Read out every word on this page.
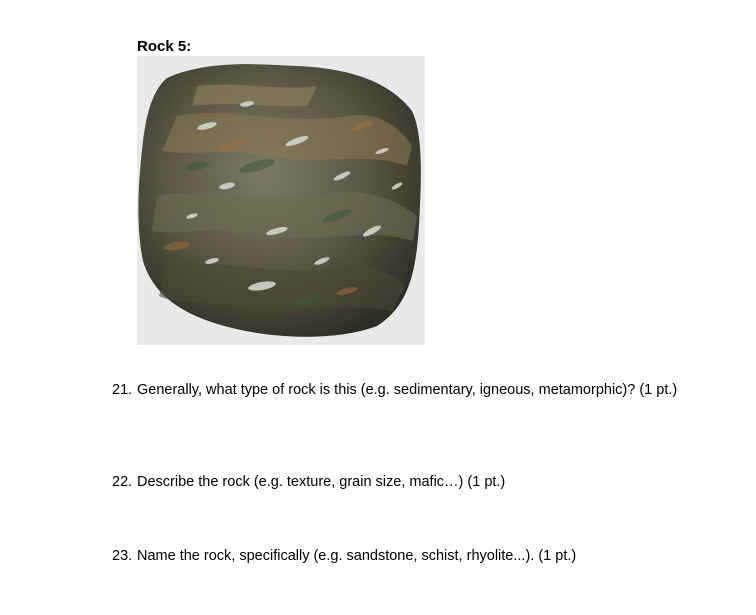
Rock 5:
21. Generally, what type of rock is this (e.g. sedimentary, igneous, metamorphic)? (1 pt.)
22. Describe the rock (e.g. texture, grain size, mafic…) (1 pt.)
23. Name the rock, specifically (e.g. sandstone, schist, rhyolite...). (1 pt.)
